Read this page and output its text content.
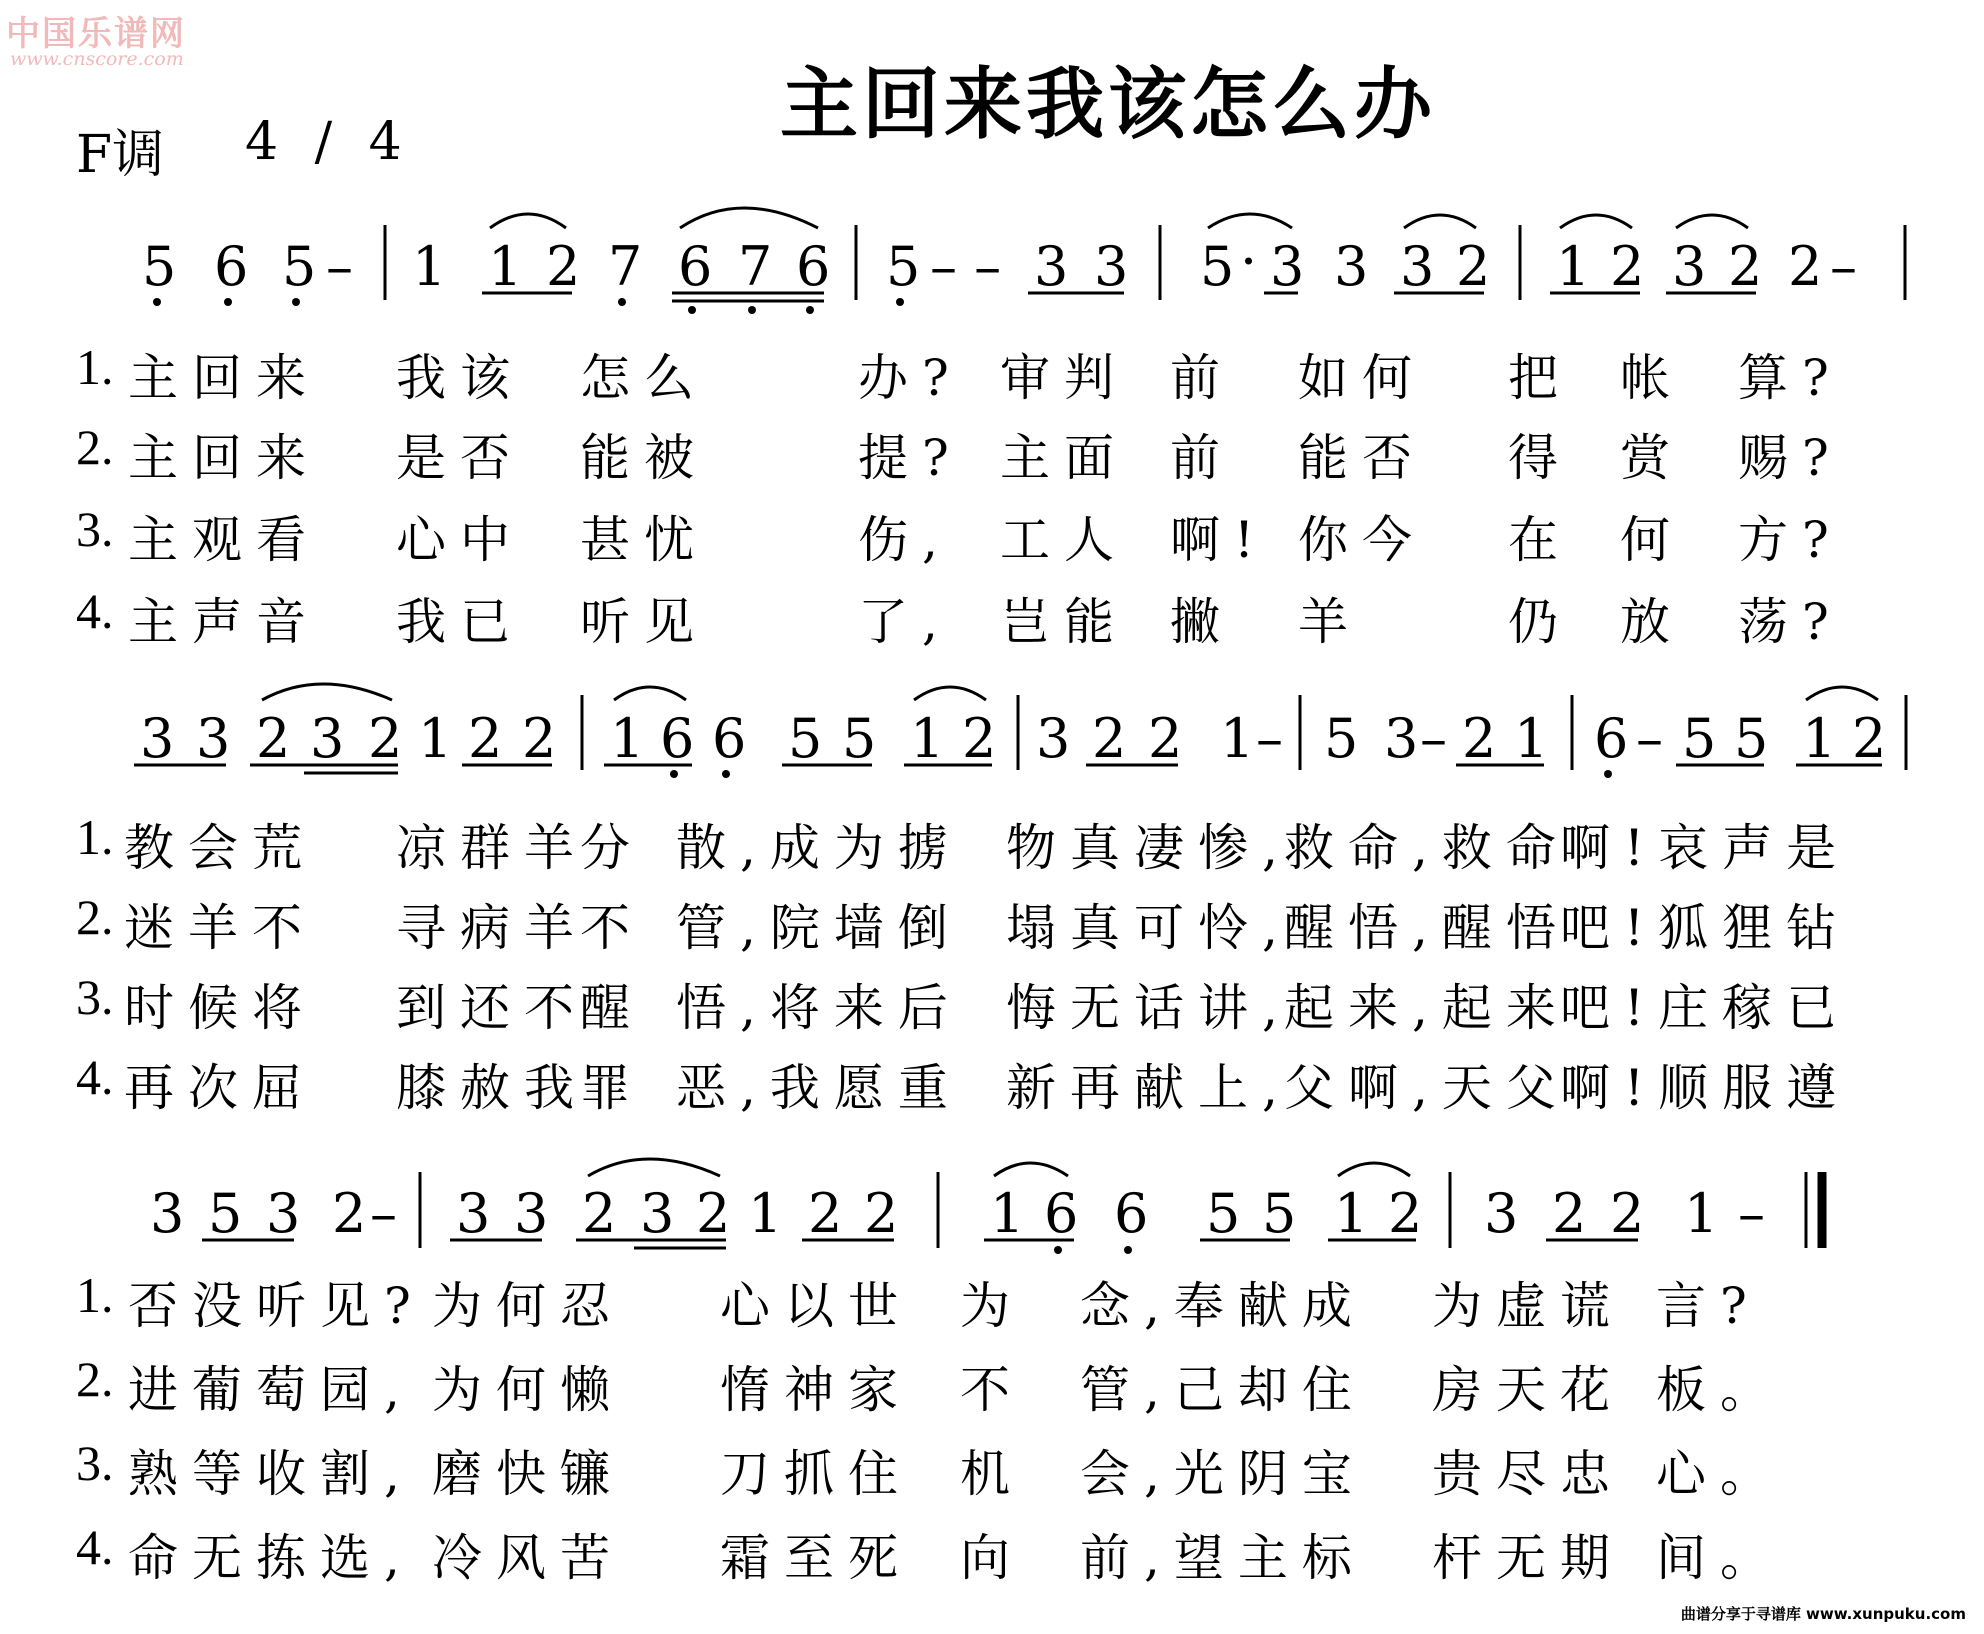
中国乐谱网
www.cnscore.com
主回来我该怎么办
F调 4 / 4
5 6 5 – 1 1 2 7 6 7 6 5 – – 3 3 5 · 3 3 3 2 1 2 3 2 2 –
3 3 2 3 2 1 2 2 1 6 6 5 5 1 2 3 2 2 1 – 5 3 – 2 1 6 – 5 5 1 2
3 5 3 2 – 3 3 2 3 2 1 2 2 1 6 6 5 5 1 2 3 2 2 1 –
1. 主回来 我该 怎么	办? 审判 前 如何 把 帐 算?
2. 主回来 是否 能被	提? 主面 前 能否 得 赏 赐?
3. 主观看 心中 甚忧	伤, 工人 啊! 你今 在 何 方?
4. 主声音 我已 听见	了, 岂能 撇 羊	仍 放 荡?
1. 教会荒 凉群羊
分 散,成为掳 物真凄惨,
救命,救命
啊!哀声是
2. 迷羊不 寻病羊
不 管,院墙倒 塌真可怜,
醒悟,醒悟
吧!狐狸钻
3. 时候将 到还不
醒 悟,将来后 悔无话讲,
起来,起来
吧!庄稼已
4. 再次屈 膝赦我
罪 恶,我愿重 新再献上,
父啊,天父
啊!顺服遵
1. 否没听见? 为何忍 心以世 为 念,奉献成 为虚谎 言?
2. 进葡萄园, 为何懒 惰神家 不 管,己却住 房天花 板。
3. 熟等收割, 磨快镰 刀抓住 机 会,光阴宝 贵尽忠 心。
4. 命无拣选, 冷风苦 霜至死 向 前,望主标 杆无期 间。
曲谱分享于寻谱库 www.xunpuku.com
